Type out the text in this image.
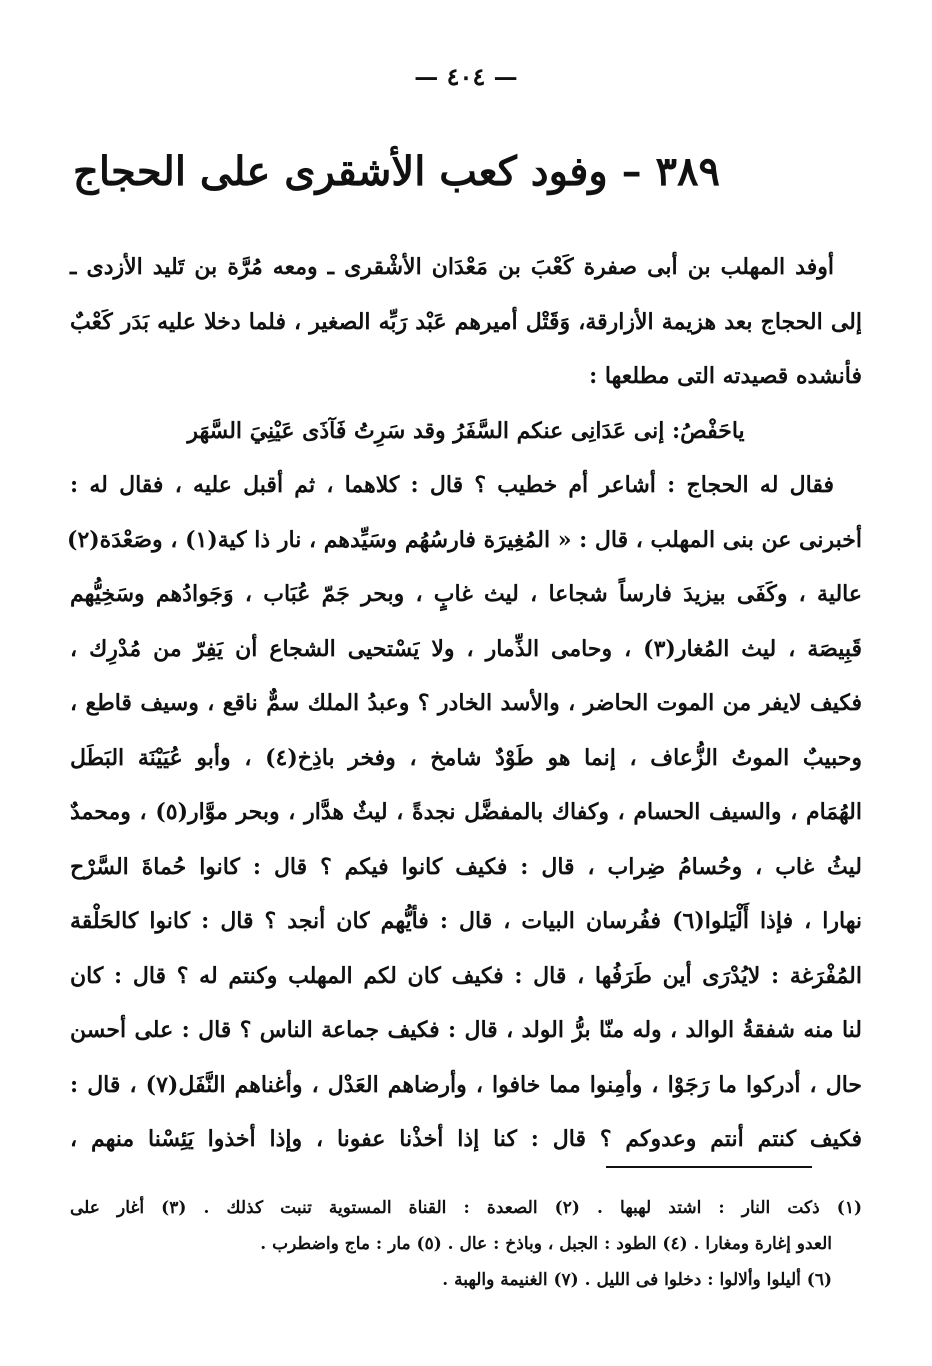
— ٤٠٤ —
٣٨٩ – وفود كعب الأشقرى على الحجاج
أوفد المهلب بن أبى صفرة كَعْبَ بن مَعْدَان الأشْقرى ـ ومعه مُرَّة بن تَليد الأزدى ـ
إلى الحجاج بعد هزيمة الأزارقة، وَقَتْل أميرهم عَبْد رَبِّه الصغير ، فلما دخلا عليه بَدَر كَعْبٌ
فأنشده قصيدته التى مطلعها :
ياحَفْصُ: إنى عَدَانِى عنكم السَّفَرُ وقد سَرِتُ فَآذَى عَيْنِيَ السَّهَر
فقال له الحجاج : أشاعر أم خطيب ؟ قال : كلاهما ، ثم أقبل عليه ، فقال له :
أخبرنى عن بنى المهلب ، قال : « المُغِيرَة فارسُهُم وسَيِّدهم ، نار ذا كية(١) ، وصَعْدَة(٢)
عالية ، وكَفَى بيزيدَ فارساً شجاعا ، ليث غابٍ ، وبحر جَمّ عُبَاب ، وَجَوادُهم وسَخِيُّهم
قَبِيصَة ، ليث المُغار(٣) ، وحامى الذِّمار ، ولا يَسْتحيى الشجاع أن يَفِرّ من مُدْرِك ،
فكيف لايفر من الموت الحاضر ، والأسد الخادر ؟ وعبدُ الملك سمٌّ ناقع ، وسيف قاطع ،
وحبيبٌ الموتُ الزُّعاف ، إنما هو طَوْدٌ شامخ ، وفخر باذِخ(٤) ، وأبو عُيَيْنَة البَطَل
الهُمَام ، والسيف الحسام ، وكفاك بالمفضَّل نجدةً ، ليثٌ هدَّار ، وبحر موَّار(٥) ، ومحمدٌ
ليثُ غاب ، وحُسامُ ضِراب ، قال : فكيف كانوا فيكم ؟ قال : كانوا حُماةَ السَّرْح
نهارا ، فإذا أَلْيَلوا(٦) ففُرسان البيات ، قال : فأيُّهم كان أنجد ؟ قال : كانوا كالحَلْقة
المُفْرَغة : لايُدْرَى أين طَرَفُها ، قال : فكيف كان لكم المهلب وكنتم له ؟ قال : كان
لنا منه شفقةُ الوالد ، وله منّا برُّ الولد ، قال : فكيف جماعة الناس ؟ قال : على أحسن
حال ، أدركوا ما رَجَوْا ، وأمِنوا مما خافوا ، وأرضاهم العَدْل ، وأغناهم النَّفَل(٧) ، قال :
فكيف كنتم أنتم وعدوكم ؟ قال : كنا إذا أخذْنا عفونا ، وإذا أخذوا يَئِسْنا منهم ،
(١) ذكت النار : اشتد لهبها . (٢) الصعدة : القناة المستوية تنبت كذلك . (٣) أغار على
العدو إغارة ومغارا . (٤) الطود : الجبل ، وباذخ : عال . (٥) مار : ماج واضطرب .
(٦) أليلوا وألالوا : دخلوا فى الليل . (٧) الغنيمة والهبة .
